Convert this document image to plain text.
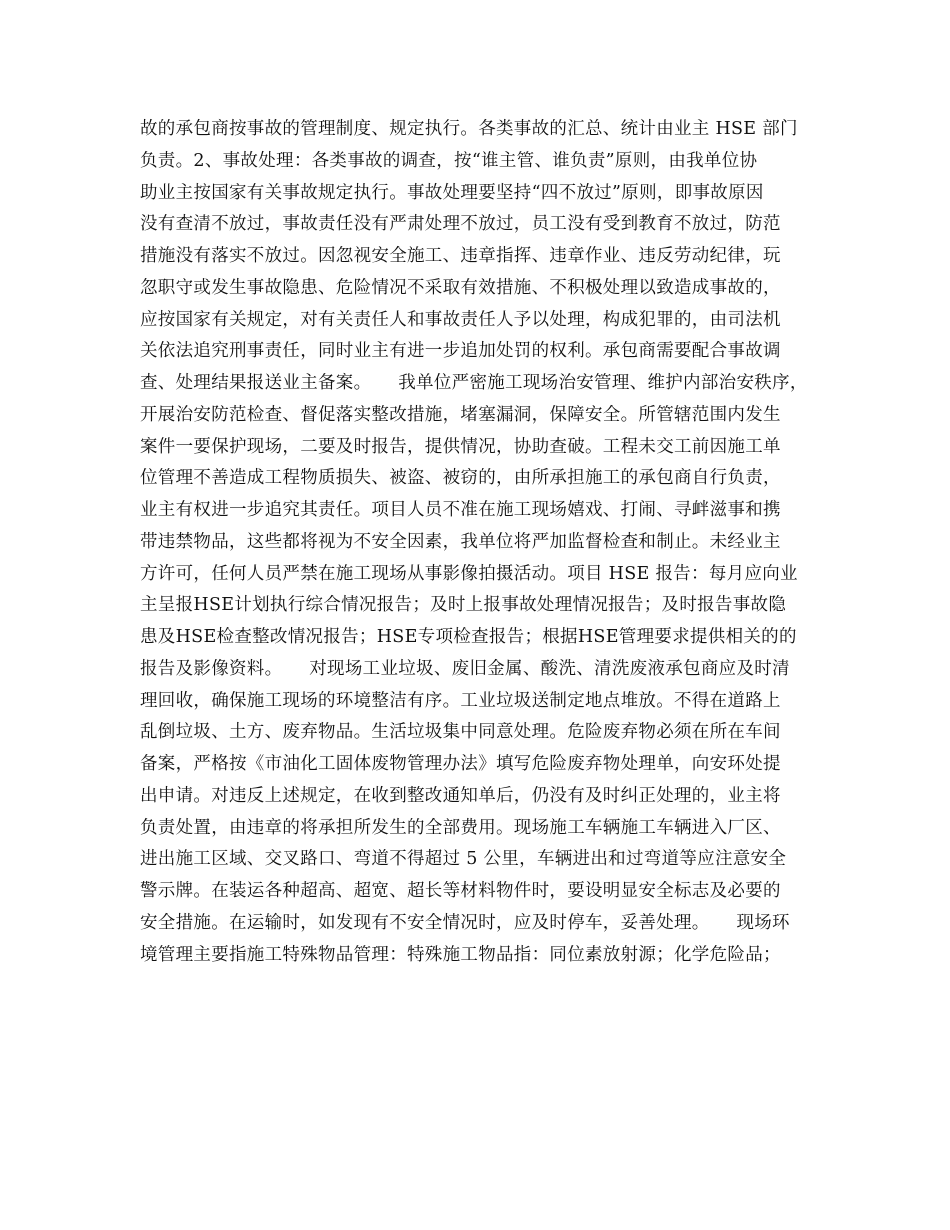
故的承包商按事故的管理制度、规定执行。各类事故的汇总、统计由业主 HSE 部门
负责。2、事故处理：各类事故的调查，按“谁主管、谁负责”原则，由我单位协
助业主按国家有关事故规定执行。事故处理要坚持“四不放过”原则，即事故原因
没有查清不放过，事故责任没有严肃处理不放过，员工没有受到教育不放过，防范
措施没有落实不放过。因忽视安全施工、违章指挥、违章作业、违反劳动纪律，玩
忽职守或发生事故隐患、危险情况不采取有效措施、不积极处理以致造成事故的，
应按国家有关规定，对有关责任人和事故责任人予以处理，构成犯罪的，由司法机
关依法追究刑事责任，同时业主有进一步追加处罚的权利。承包商需要配合事故调
查、处理结果报送业主备案。　　我单位严密施工现场治安管理、维护内部治安秩序，
开展治安防范检查、督促落实整改措施，堵塞漏洞，保障安全。所管辖范围内发生
案件一要保护现场，二要及时报告，提供情况，协助查破。工程未交工前因施工单
位管理不善造成工程物质损失、被盗、被窃的，由所承担施工的承包商自行负责，
业主有权进一步追究其责任。项目人员不准在施工现场嬉戏、打闹、寻衅滋事和携
带违禁物品，这些都将视为不安全因素，我单位将严加监督检查和制止。未经业主
方许可，任何人员严禁在施工现场从事影像拍摄活动。项目 HSE 报告：每月应向业
主呈报HSE计划执行综合情况报告；及时上报事故处理情况报告；及时报告事故隐
患及HSE检查整改情况报告；HSE专项检查报告；根据HSE管理要求提供相关的的
报告及影像资料。　　对现场工业垃圾、废旧金属、酸洗、清洗废液承包商应及时清
理回收，确保施工现场的环境整洁有序。工业垃圾送制定地点堆放。不得在道路上
乱倒垃圾、土方、废弃物品。生活垃圾集中同意处理。危险废弃物必须在所在车间
备案，严格按《市油化工固体废物管理办法》填写危险废弃物处理单，向安环处提
出申请。对违反上述规定，在收到整改通知单后，仍没有及时纠正处理的，业主将
负责处置，由违章的将承担所发生的全部费用。现场施工车辆施工车辆进入厂区、
进出施工区域、交叉路口、弯道不得超过 5 公里，车辆进出和过弯道等应注意安全
警示牌。在装运各种超高、超宽、超长等材料物件时，要设明显安全标志及必要的
安全措施。在运输时，如发现有不安全情况时，应及时停车，妥善处理。　　现场环
境管理主要指施工特殊物品管理：特殊施工物品指：同位素放射源；化学危险品；
